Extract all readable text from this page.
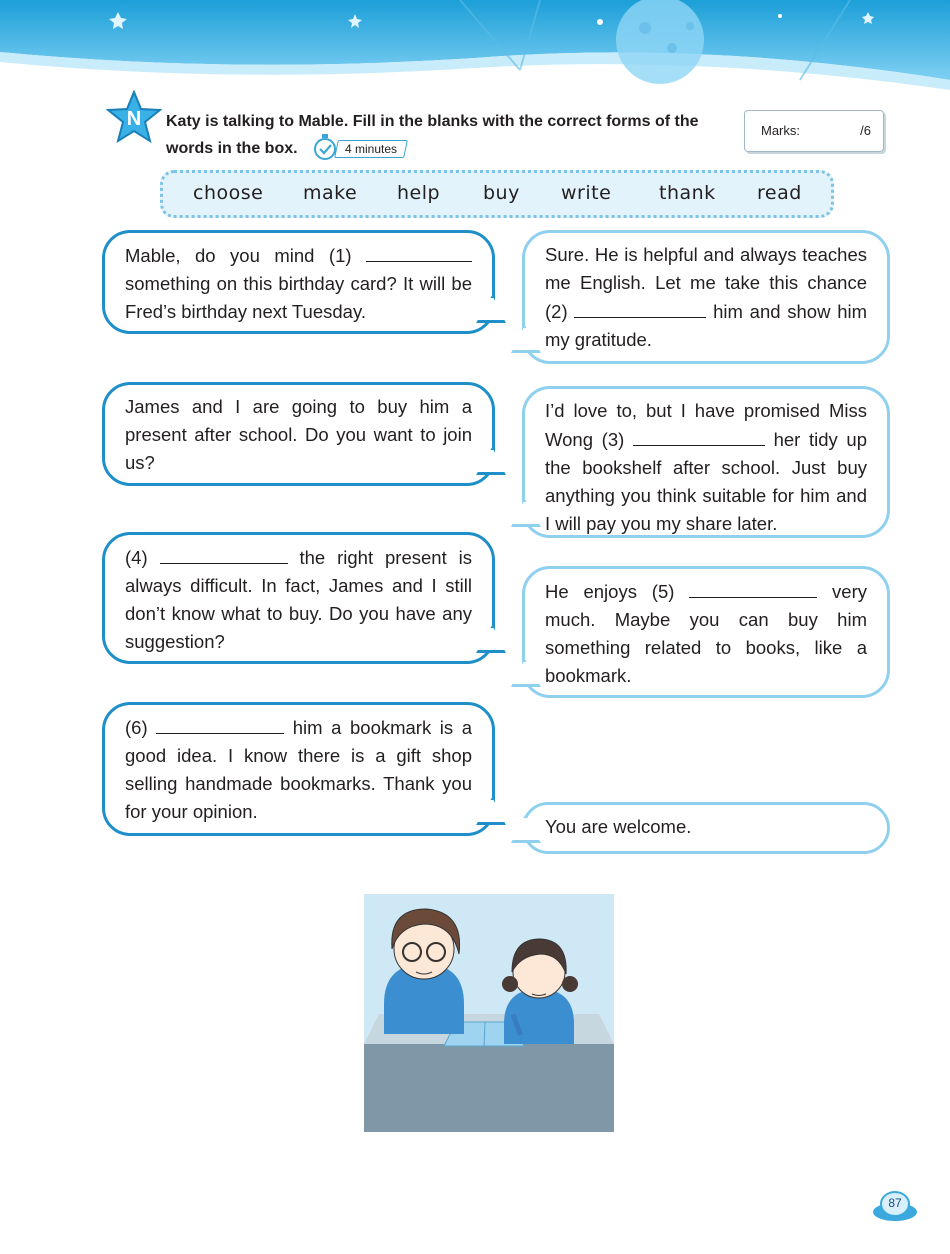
N Katy is talking to Mable. Fill in the blanks with the correct forms of the words in the box.	4 minutes
Marks:	/6
choose make help buy write	thank read
Mable, do you mind (1)  something on this birthday card? It will be Fred’s birthday next Tuesday.
Sure. He is helpful and always teaches me English. Let me take this chance (2)	him and show him my gratitude.
James and I are going to buy him a present after school. Do you want to join us?
I’d love to, but I have promised Miss Wong (3)	her tidy up the bookshelf after school. Just buy anything you think suitable for him and I will pay you my share later.
(4)	the right present is always difficult. In fact, James and I still don’t know what to buy. Do you have any suggestion?
He enjoys (5)	very much. Maybe you can buy him something related to books, like a bookmark.
(6)	him a bookmark is a good idea. I know there is a gift shop selling handmade bookmarks. Thank you for your opinion.
You are welcome.
87
